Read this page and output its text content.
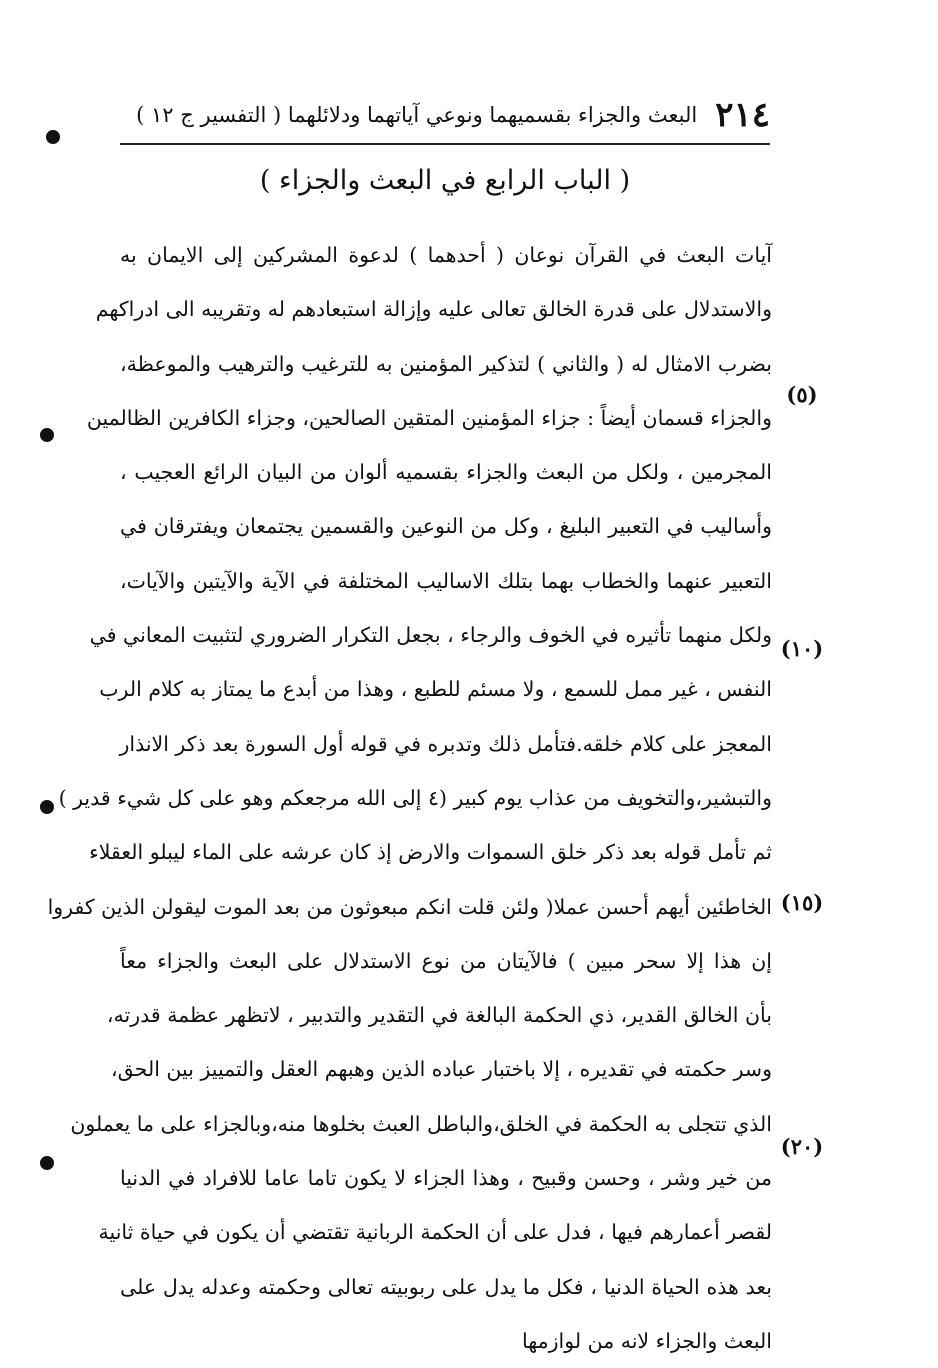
٢١٤
البعث والجزاء بقسميهما ونوعي آياتهما ودلائلهما ( التفسير ج ١٢ )
( الباب الرابع في البعث والجزاء )
آيات البعث في القرآن نوعان ( أحدهما ) لدعوة المشركين إلى الايمان به
والاستدلال على قدرة الخالق تعالى عليه وإزالة استبعادهم له وتقريبه الى ادراكهم
بضرب الامثال له ( والثاني ) لتذكير المؤمنين به للترغيب والترهيب والموعظة،
والجزاء قسمان أيضاً : جزاء المؤمنين المتقين الصالحين، وجزاء الكافرين الظالمين
المجرمين ، ولكل من البعث والجزاء بقسميه ألوان من البيان الرائع العجيب ،
وأساليب في التعبير البليغ ، وكل من النوعين والقسمين يجتمعان ويفترقان في
التعبير عنهما والخطاب بهما بتلك الاساليب المختلفة في الآية والآيتين والآيات،
ولكل منهما تأثيره في الخوف والرجاء ، بجعل التكرار الضروري لتثبيت المعاني في
النفس ، غير ممل للسمع ، ولا مسئم للطبع ، وهذا من أبدع ما يمتاز به كلام الرب
المعجز على كلام خلقه.فتأمل ذلك وتدبره في قوله أول السورة بعد ذكر الانذار
والتبشير،والتخويف من عذاب يوم كبير (٤ إلى الله مرجعكم وهو على كل شيء قدير )
ثم تأمل قوله بعد ذكر خلق السموات والارض إذ كان عرشه على الماء ليبلو العقلاء
الخاطئين أيهم أحسن عملا( ولئن قلت انكم مبعوثون من بعد الموت ليقولن الذين كفروا
إن هذا إلا سحر مبين ) فالآيتان من نوع الاستدلال على البعث والجزاء معاً
بأن الخالق القدير، ذي الحكمة البالغة في التقدير والتدبير ، لاتظهر عظمة قدرته،
وسر حكمته في تقديره ، إلا باختبار عباده الذين وهبهم العقل والتمييز بين الحق،
الذي تتجلى به الحكمة في الخلق،والباطل العبث بخلوها منه،وبالجزاء على ما يعملون
من خير وشر ، وحسن وقبيح ، وهذا الجزاء لا يكون تاما عاما للافراد في الدنيا
لقصر أعمارهم فيها ، فدل على أن الحكمة الربانية تقتضي أن يكون في حياة ثانية
بعد هذه الحياة الدنيا ، فكل ما يدل على ربوبيته تعالى وحكمته وعدله يدل على
البعث والجزاء لانه من لوازمها
(٥)
(١٠)
(١٥)
(٢٠)
